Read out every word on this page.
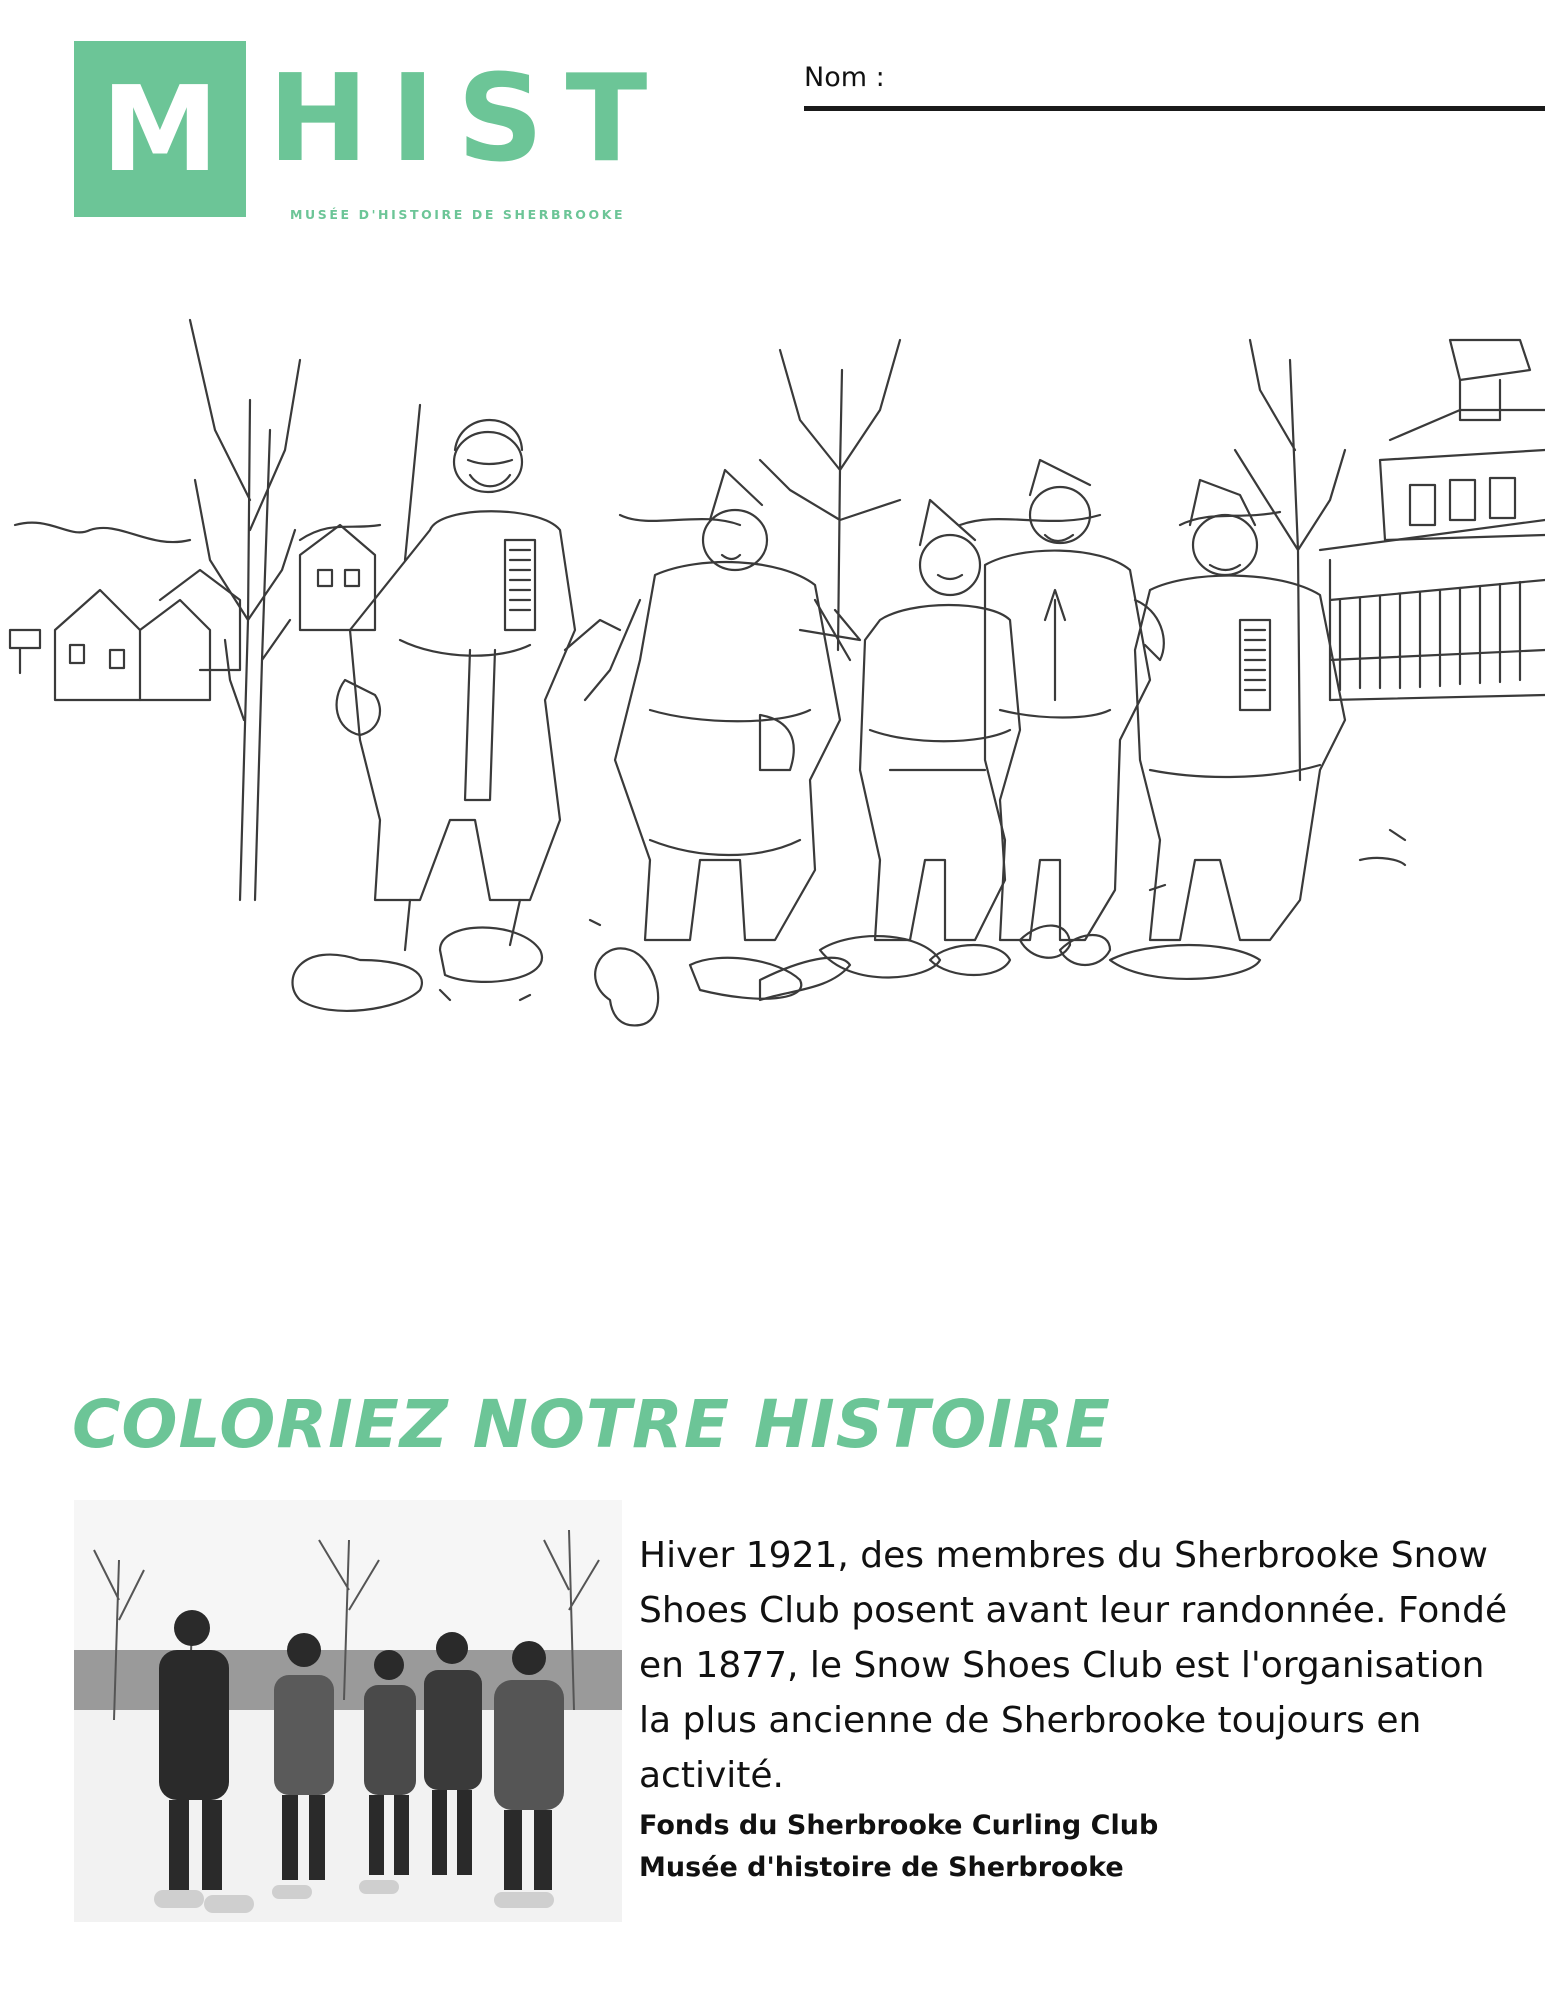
M HIST
MUSÉE D'HISTOIRE DE SHERBROOKE
Nom :
COLORIEZ NOTRE HISTOIRE

Hiver 1921, des membres du Sherbrooke Snow Shoes Club posent avant leur randonnée. Fondé en 1877, le Snow Shoes Club est l'organisation la plus ancienne de Sherbrooke toujours en activité.

Fonds du Sherbrooke Curling Club
Musée d'histoire de Sherbrooke
